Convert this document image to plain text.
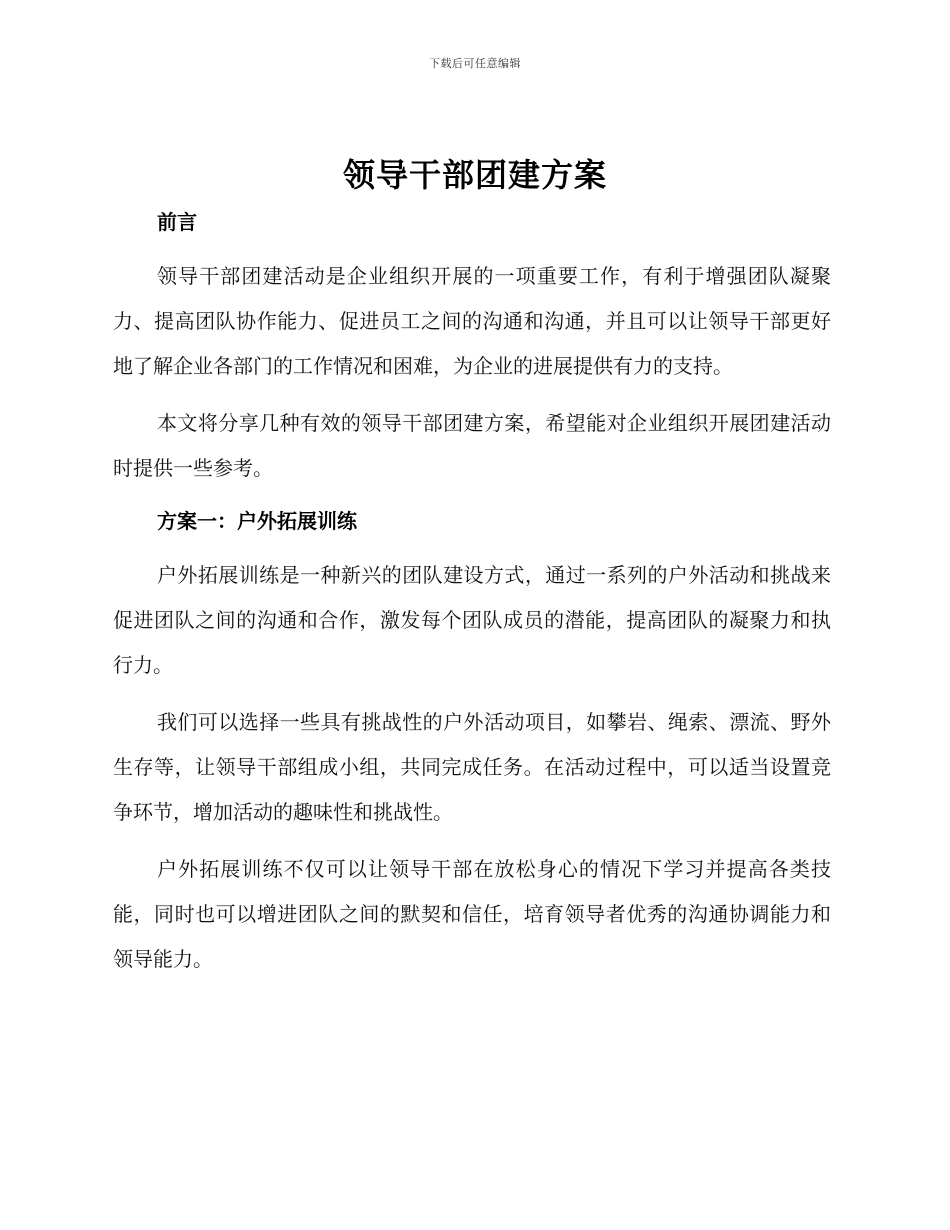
下载后可任意编辑
领导干部团建方案

前言

领导干部团建活动是企业组织开展的一项重要工作，有利于增强团队凝聚力、提高团队协作能力、促进员工之间的沟通和沟通，并且可以让领导干部更好地了解企业各部门的工作情况和困难，为企业的进展提供有力的支持。

本文将分享几种有效的领导干部团建方案，希望能对企业组织开展团建活动时提供一些参考。

方案一：户外拓展训练

户外拓展训练是一种新兴的团队建设方式，通过一系列的户外活动和挑战来促进团队之间的沟通和合作，激发每个团队成员的潜能，提高团队的凝聚力和执行力。

我们可以选择一些具有挑战性的户外活动项目，如攀岩、绳索、漂流、野外生存等，让领导干部组成小组，共同完成任务。在活动过程中，可以适当设置竞争环节，增加活动的趣味性和挑战性。

户外拓展训练不仅可以让领导干部在放松身心的情况下学习并提高各类技能，同时也可以增进团队之间的默契和信任，培育领导者优秀的沟通协调能力和领导能力。
